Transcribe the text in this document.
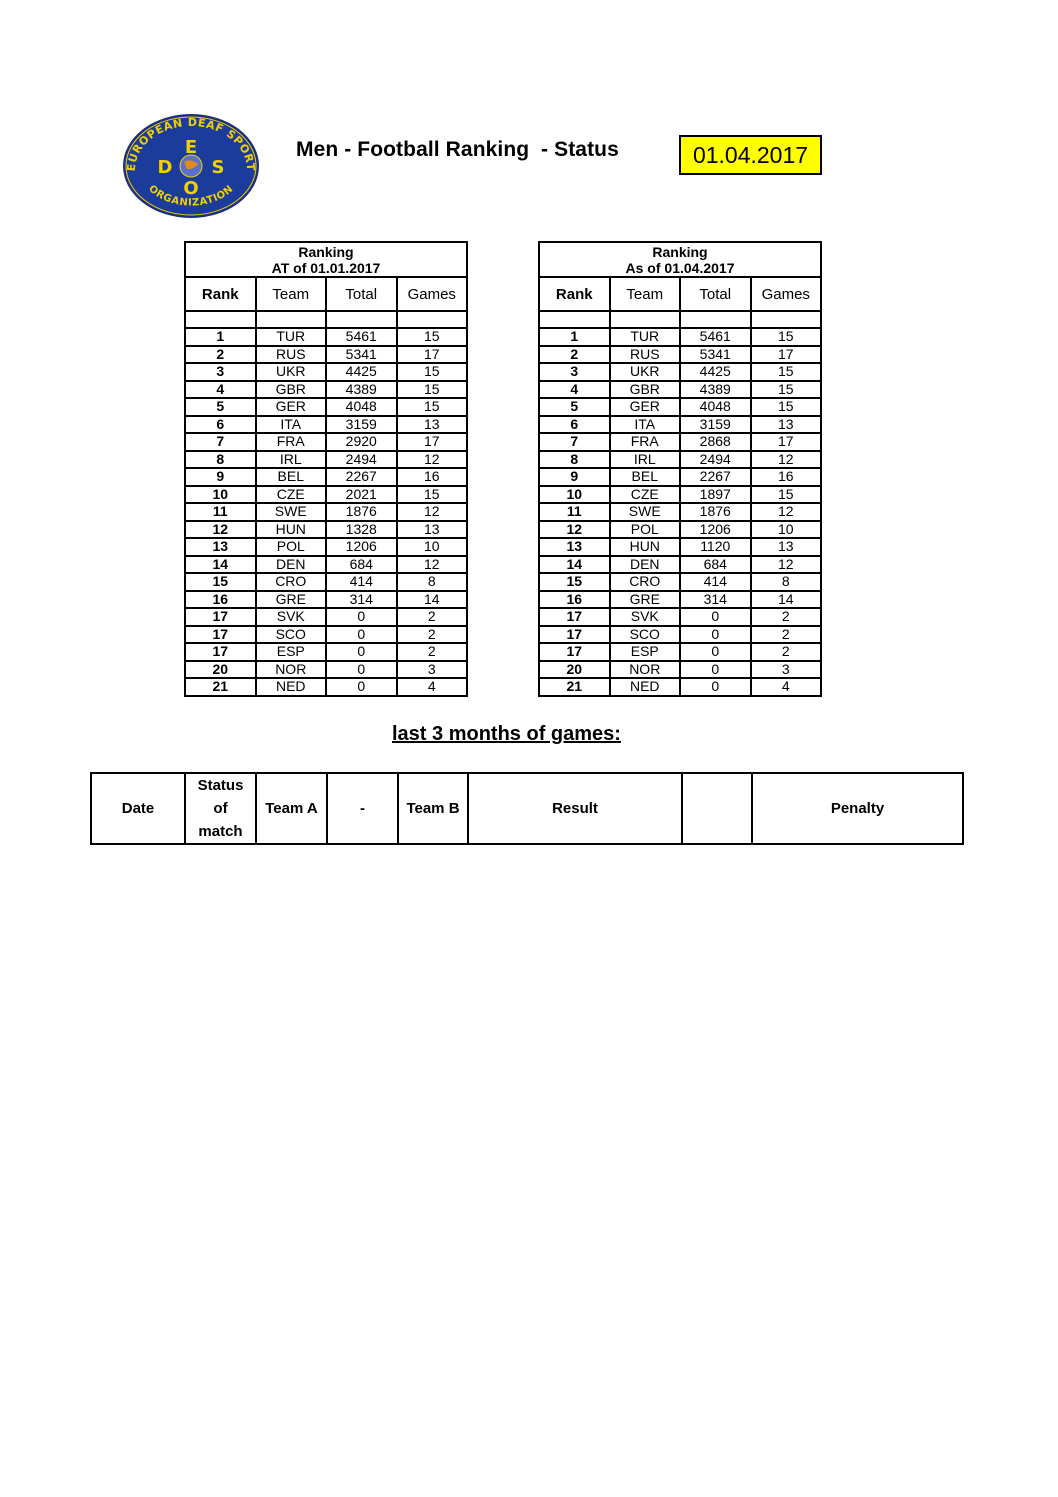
EUROPEAN DEAF SPORT
ORGANIZATION
E
D S
O
Men - Football Ranking  - Status	01.04.2017
Ranking
AT of 01.01.2017			
Rank	Team	Total	Games

1	TUR	5461	15
2	RUS	5341	17
3	UKR	4425	15
4	GBR	4389	15
5	GER	4048	15
6	ITA	3159	13
7	FRA	2920	17
8	IRL	2494	12
9	BEL	2267	16
10	CZE	2021	15
11	SWE	1876	12
12	HUN	1328	13
13	POL	1206	10
14	DEN	684	12
15	CRO	414	8
16	GRE	314	14
17	SVK	0	2
17	SCO	0	2
17	ESP	0	2
20	NOR	0	3
21	NED	0	4
Ranking
As of 01.04.2017			
Rank	Team	Total	Games

1	TUR	5461	15
2	RUS	5341	17
3	UKR	4425	15
4	GBR	4389	15
5	GER	4048	15
6	ITA	3159	13
7	FRA	2868	17
8	IRL	2494	12
9	BEL	2267	16
10	CZE	1897	15
11	SWE	1876	12
12	POL	1206	10
13	HUN	1120	13
14	DEN	684	12
15	CRO	414	8
16	GRE	314	14
17	SVK	0	2
17	SCO	0	2
17	ESP	0	2
20	NOR	0	3
21	NED	0	4
last 3 months of games:
Date	Status
of
match	Team A	-	Team B	Result		Penalty
